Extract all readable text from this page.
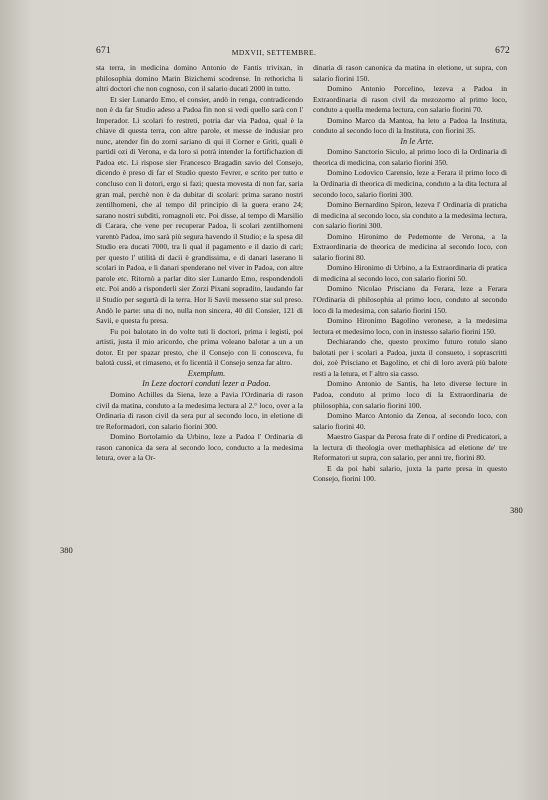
671	MDXVII, SETTEMBRE.	672
380
380

sta terra, in medicina domino Antonio de Fantis trivixan, in philosophia domino Marin Bizichemi scodrense. In rethoricha li altri doctori che non cognoso, con il salario ducati 2000 in tutto.

Et sier Lunardo Emo, el consier, andò in renga, contradicendo non è da far Studio adeso a Padoa fin non si vedi quello sarà con l' Imperador. Li scolari fo restreti, potria dar via Padoa, qual è la chiave di questa terra, con altre parole, et messe de indusiar pro nunc, atender fin do zorni sariano di qui il Corner e Griti, quali è partidi ozi di Verona, e da loro si potrà intender la fortifichazion di Padoa etc. Li rispose sier Francesco Bragadin savio del Consejo, dicendo è preso di far el Studio questo Fevrer, e scrito per tutto e concluso con li dotori, ergo si fazi; questa movesta di non far, saria gran mal, perchè non è da dubitar di scolari: prima sarano nostri zentilhomeni, che al tempo dil principio di la guera erano 24; sarano nostri subditi, romagnoli etc. Poi disse, al tempo di Marsilio di Carara, che vene per recuperar Padoa, li scolari zentilhomeni varentò Padoa, imo sarà più segura havendo il Studio; e la spesa dil Studio era ducati 7000, tra li qual il pagamento e il dazio di cari; per questo l' utilità di dacii è grandissima, e di danari laserano li scolari in Padoa, e li danari spenderano nel viver in Padoa, con altre parole etc. Ritornò a parlar dito sier Lunardo Emo, respondendoli etc. Poi andò a risponderli sier Zorzi Pixani sopradito, laudando far il Studio per segurtà di la terra. Hor li Savii messeno star sul preso. Andò le parte: una di no, nulla non sincera, 40 dil Consier, 121 di Savii, e questa fu presa.

Fu poi balotato in do volte tuti li doctori, prima i legisti, poi artisti, justa il mio aricordo, che prima voleano balotar a un a un dotor. Et per spazar presto, che il Consejo con li conosceva, fu balotà cussì, et rimaseno, et fo licentià il Consejo senza far altro.

Exemplum.

In Leze doctori conduti lezer a Padoa.

Domino Achilles da Siena, leze a Pavia l'Ordinaria di rason civil da matina, conduto a la medesima lectura al 2.° loco, over a la Ordinaria di rason civil da sera pur al secondo loco, in eletione di tre Reformadori, con salario fiorini 300.

Domino Bortolamio da Urbino, leze a Padoa l' Ordinaria di rason canonica da sera al secondo loco, conducto a la medesima letura, over a la Or-

dinaria di rason canonica da matina in eletione, ut supra, con salario fiorini 150.

Domino Antonio Porcelino, lezeva a Padoa in Extraordinaria di rason civil da mezozorno al primo loco, conduto a quella medema lectura, con salario fiorini 70.

Domino Marco da Mantoa, ha leto a Padoa la Instituta, conduto al secondo loco di la Instituta, con fiorini 35.

In le Arte.

Domino Sanctorio Siculo, al primo loco di la Ordinaria di theorica di medicina, con salario fiorini 350.

Domino Lodovico Carensio, leze a Ferara il primo loco di la Ordinaria di theorica di medicina, conduto a la dita lectura al secondo loco, salario fiorini 300.

Domino Bernardino Spiron, lezeva l' Ordinaria di praticha di medicina al secondo loco, sia conduto a la medesima lectura, con salario fiorini 300.

Domino Hironimo de Pedemonte de Verona, a la Extraordinaria de theorica de medicina al secondo loco, con salario fiorini 80.

Domino Hironimo di Urbino, a la Extraordinaria di pratica di medicina al secondo loco, con salario fiorini 50.

Domino Nicolao Prisciano da Ferara, leze a Ferara l'Ordinaria di philosophia al primo loco, conduto al secondo loco di la medesima, con salario fiorini 150.

Domino Hironimo Bagolino veronese, a la medesima lectura et medesimo loco, con in instesso salario fiorini 150.

Dechiarando che, questo proximo futuro rotulo siano balotati per i scolari a Padoa, juxta il consueto, i soprascritti doi, zoè Prisciano et Bagolino, et chi di loro averà più balote resti a la letura, et l' altro sia casso.

Domino Antonio de Santis, ha leto diverse lecture in Padoa, conduto al primo loco di la Extraordinaria de philosophia, con salario fiorini 100.

Domino Marco Antonio da Zenoa, al secondo loco, con salario fiorini 40.

Maestro Gaspar da Perosa frate di l' ordine di Predicatori, a la lectura di theologia over methaphisica ad eletione de' tre Reformatori ut supra, con salario, per anni tre, fiorini 80.

E da poi habi salario, juxta la parte presa in questo Consejo, fiorini 100.
